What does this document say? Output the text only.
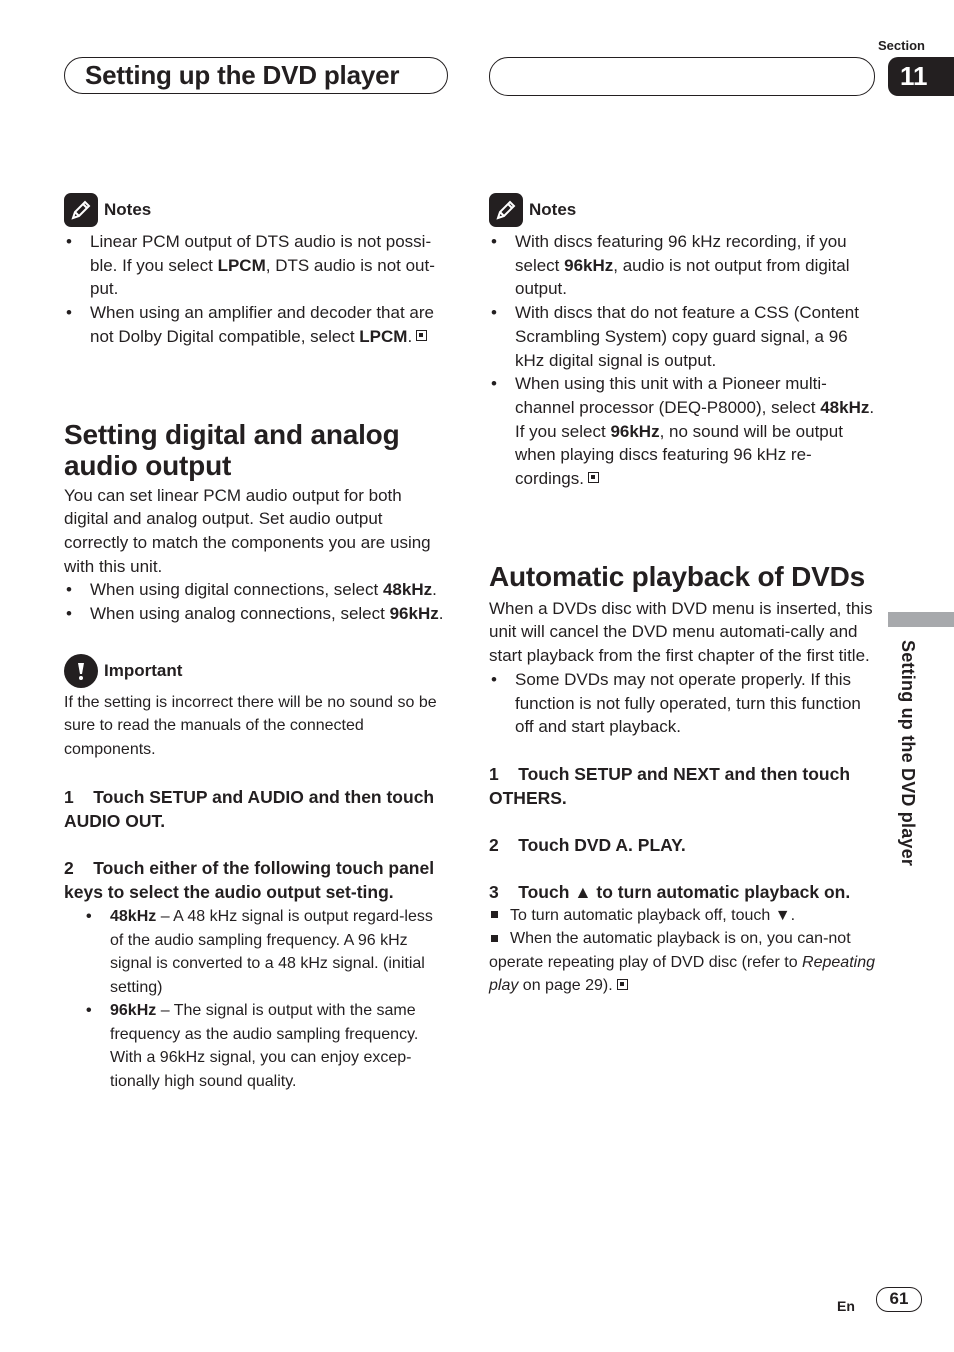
Setting up the DVD player
Section
11
Setting up the DVD player
Notes
• Linear PCM output of DTS audio is not possi-ble. If you select LPCM, DTS audio is not out-put.
• When using an amplifier and decoder that are not Dolby Digital compatible, select LPCM.
Setting digital and analog audio output

You can set linear PCM audio output for both digital and analog output. Set audio output correctly to match the components you are using with this unit.

• When using digital connections, select 48kHz.
• When using analog connections, select 96kHz.
Important

If the setting is incorrect there will be no sound so be sure to read the manuals of the connected components.

1 Touch SETUP and AUDIO and then touch AUDIO OUT.

2 Touch either of the following touch panel keys to select the audio output set-ting.

• 48kHz – A 48 kHz signal is output regard-less of the audio sampling frequency. A 96 kHz signal is converted to a 48 kHz signal. (initial setting)
• 96kHz – The signal is output with the same frequency as the audio sampling frequency. With a 96kHz signal, you can enjoy excep-tionally high sound quality.
Notes
• With discs featuring 96 kHz recording, if you select 96kHz, audio is not output from digital output.
• With discs that do not feature a CSS (Content Scrambling System) copy guard signal, a 96 kHz digital signal is output.
• When using this unit with a Pioneer multi-channel processor (DEQ-P8000), select 48kHz. If you select 96kHz, no sound will be output when playing discs featuring 96 kHz re-cordings.
Automatic playback of DVDs

When a DVDs disc with DVD menu is inserted, this unit will cancel the DVD menu automati-cally and start playback from the first chapter of the first title.

• Some DVDs may not operate properly. If this function is not fully operated, turn this function off and start playback.

1 Touch SETUP and NEXT and then touch OTHERS.

2 Touch DVD A. PLAY.

3 Touch ▲ to turn automatic playback on.

To turn automatic playback off, touch ▼.
When the automatic playback is on, you can-not operate repeating play of DVD disc (refer to Repeating play on page 29).
En	61
